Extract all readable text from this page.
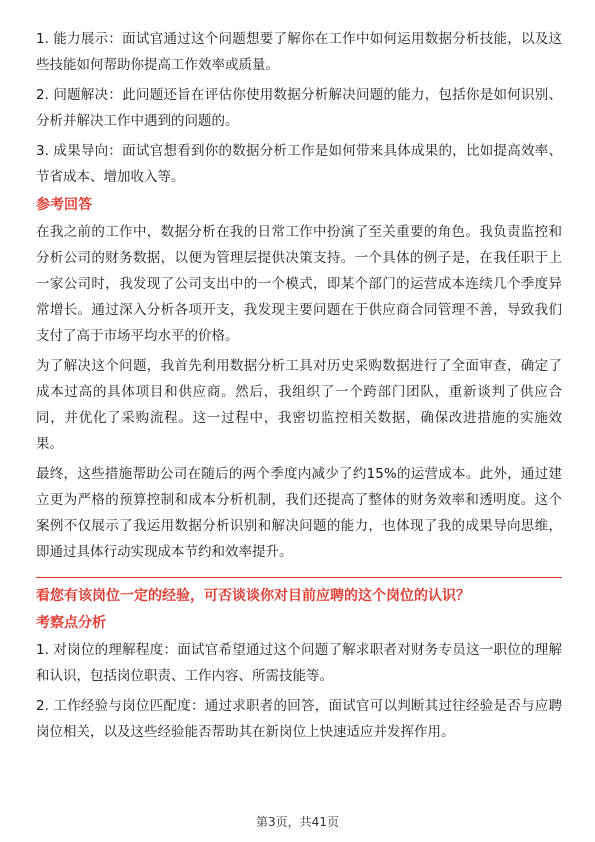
1. 能力展示：面试官通过这个问题想要了解你在工作中如何运用数据分析技能，以及这些技能如何帮助你提高工作效率或质量。

2. 问题解决：此问题还旨在评估你使用数据分析解决问题的能力，包括你是如何识别、分析并解决工作中遇到的问题的。

3. 成果导向：面试官想看到你的数据分析工作是如何带来具体成果的，比如提高效率、节省成本、增加收入等。

参考回答

在我之前的工作中，数据分析在我的日常工作中扮演了至关重要的角色。我负责监控和分析公司的财务数据，以便为管理层提供决策支持。一个具体的例子是，在我任职于上一家公司时，我发现了公司支出中的一个模式，即某个部门的运营成本连续几个季度异常增长。通过深入分析各项开支，我发现主要问题在于供应商合同管理不善，导致我们支付了高于市场平均水平的价格。

为了解决这个问题，我首先利用数据分析工具对历史采购数据进行了全面审查，确定了成本过高的具体项目和供应商。然后，我组织了一个跨部门团队，重新谈判了供应合同，并优化了采购流程。这一过程中，我密切监控相关数据，确保改进措施的实施效果。

最终，这些措施帮助公司在随后的两个季度内减少了约15%的运营成本。此外，通过建立更为严格的预算控制和成本分析机制，我们还提高了整体的财务效率和透明度。这个案例不仅展示了我运用数据分析识别和解决问题的能力，也体现了我的成果导向思维，即通过具体行动实现成本节约和效率提升。

看您有该岗位一定的经验，可否谈谈你对目前应聘的这个岗位的认识？
考察点分析

1. 对岗位的理解程度：面试官希望通过这个问题了解求职者对财务专员这一职位的理解和认识，包括岗位职责、工作内容、所需技能等。

2. 工作经验与岗位匹配度：通过求职者的回答，面试官可以判断其过往经验是否与应聘岗位相关，以及这些经验能否帮助其在新岗位上快速适应并发挥作用。

第3页，共41页
